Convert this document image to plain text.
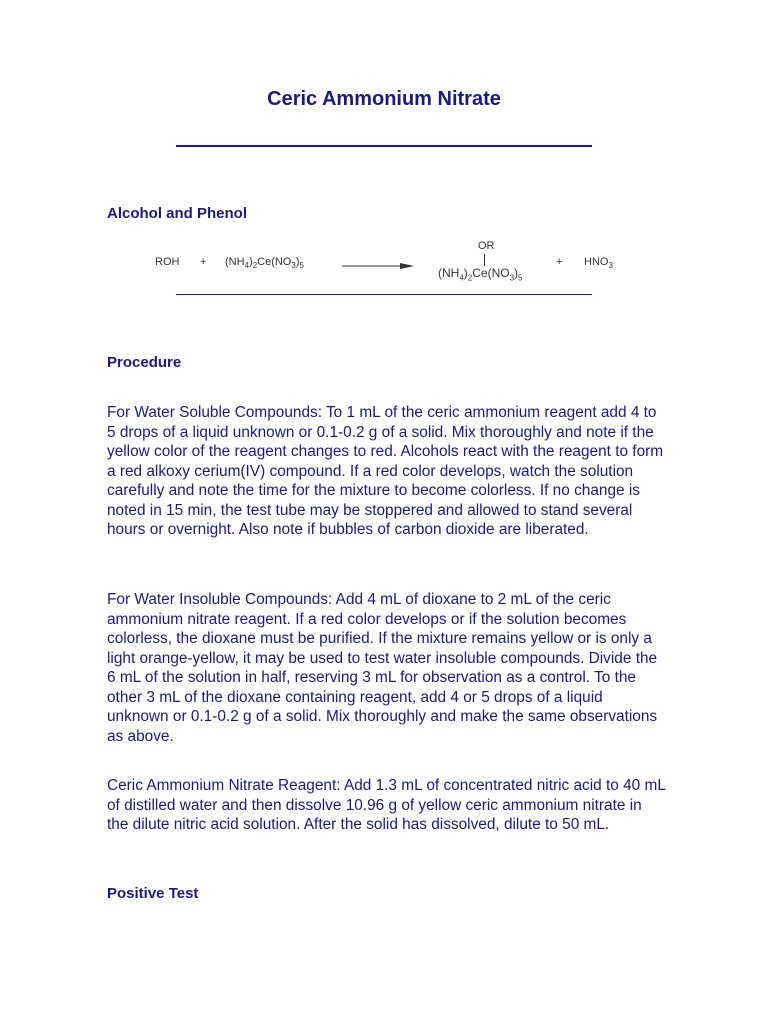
Ceric Ammonium Nitrate
Alcohol and Phenol
ROH + $(NH_4)_2Ce(NO_3)_5$
OR
$(NH_4)_2Ce(NO_3)_5$
+ $HNO_3$
Procedure

For Water Soluble Compounds: To 1 mL of the ceric ammonium reagent add 4 to 5 drops of a liquid unknown or 0.1-0.2 g of a solid. Mix thoroughly and note if the yellow color of the reagent changes to red. Alcohols react with the reagent to form a red alkoxy cerium(IV) compound. If a red color develops, watch the solution carefully and note the time for the mixture to become colorless. If no change is noted in 15 min, the test tube may be stoppered and allowed to stand several hours or overnight. Also note if bubbles of carbon dioxide are liberated.

For Water Insoluble Compounds: Add 4 mL of dioxane to 2 mL of the ceric ammonium nitrate reagent. If a red color develops or if the solution becomes colorless, the dioxane must be purified. If the mixture remains yellow or is only a light orange-yellow, it may be used to test water insoluble compounds. Divide the 6 mL of the solution in half, reserving 3 mL for observation as a control. To the other 3 mL of the dioxane containing reagent, add 4 or 5 drops of a liquid unknown or 0.1-0.2 g of a solid. Mix thoroughly and make the same observations as above.

Ceric Ammonium Nitrate Reagent: Add 1.3 mL of concentrated nitric acid to 40 mL of distilled water and then dissolve 10.96 g of yellow ceric ammonium nitrate in the dilute nitric acid solution. After the solid has dissolved, dilute to 50 mL.

Positive Test
